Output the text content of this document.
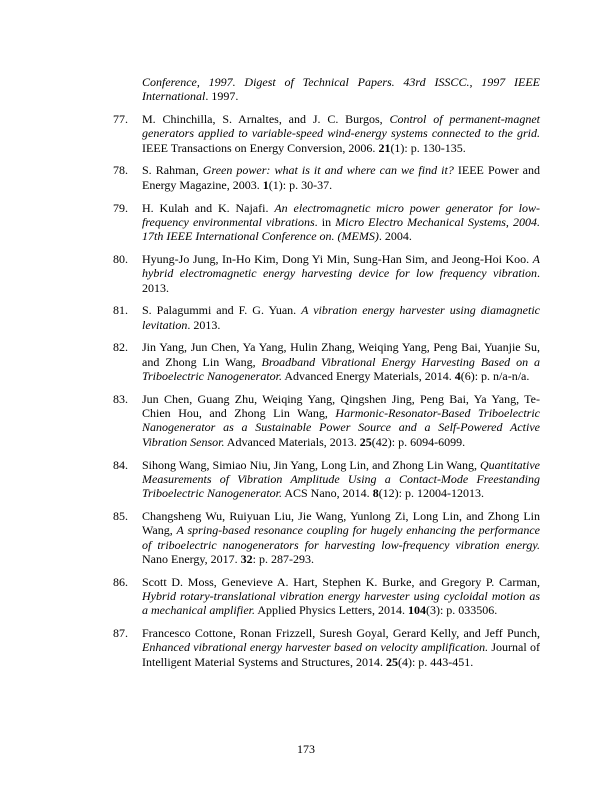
Conference, 1997. Digest of Technical Papers. 43rd ISSCC., 1997 IEEE International. 1997.
77. M. Chinchilla, S. Arnaltes, and J. C. Burgos, Control of permanent-magnet generators applied to variable-speed wind-energy systems connected to the grid. IEEE Transactions on Energy Conversion, 2006. 21(1): p. 130-135.
78. S. Rahman, Green power: what is it and where can we find it? IEEE Power and Energy Magazine, 2003. 1(1): p. 30-37.
79. H. Kulah and K. Najafi. An electromagnetic micro power generator for low-frequency environmental vibrations. in Micro Electro Mechanical Systems, 2004. 17th IEEE International Conference on. (MEMS). 2004.
80. Hyung-Jo Jung, In-Ho Kim, Dong Yi Min, Sung-Han Sim, and Jeong-Hoi Koo. A hybrid electromagnetic energy harvesting device for low frequency vibration. 2013.
81. S. Palagummi and F. G. Yuan. A vibration energy harvester using diamagnetic levitation. 2013.
82. Jin Yang, Jun Chen, Ya Yang, Hulin Zhang, Weiqing Yang, Peng Bai, Yuanjie Su, and Zhong Lin Wang, Broadband Vibrational Energy Harvesting Based on a Triboelectric Nanogenerator. Advanced Energy Materials, 2014. 4(6): p. n/a-n/a.
83. Jun Chen, Guang Zhu, Weiqing Yang, Qingshen Jing, Peng Bai, Ya Yang, Te-Chien Hou, and Zhong Lin Wang, Harmonic-Resonator-Based Triboelectric Nanogenerator as a Sustainable Power Source and a Self-Powered Active Vibration Sensor. Advanced Materials, 2013. 25(42): p. 6094-6099.
84. Sihong Wang, Simiao Niu, Jin Yang, Long Lin, and Zhong Lin Wang, Quantitative Measurements of Vibration Amplitude Using a Contact-Mode Freestanding Triboelectric Nanogenerator. ACS Nano, 2014. 8(12): p. 12004-12013.
85. Changsheng Wu, Ruiyuan Liu, Jie Wang, Yunlong Zi, Long Lin, and Zhong Lin Wang, A spring-based resonance coupling for hugely enhancing the performance of triboelectric nanogenerators for harvesting low-frequency vibration energy. Nano Energy, 2017. 32: p. 287-293.
86. Scott D. Moss, Genevieve A. Hart, Stephen K. Burke, and Gregory P. Carman, Hybrid rotary-translational vibration energy harvester using cycloidal motion as a mechanical amplifier. Applied Physics Letters, 2014. 104(3): p. 033506.
87. Francesco Cottone, Ronan Frizzell, Suresh Goyal, Gerard Kelly, and Jeff Punch, Enhanced vibrational energy harvester based on velocity amplification. Journal of Intelligent Material Systems and Structures, 2014. 25(4): p. 443-451.
173
